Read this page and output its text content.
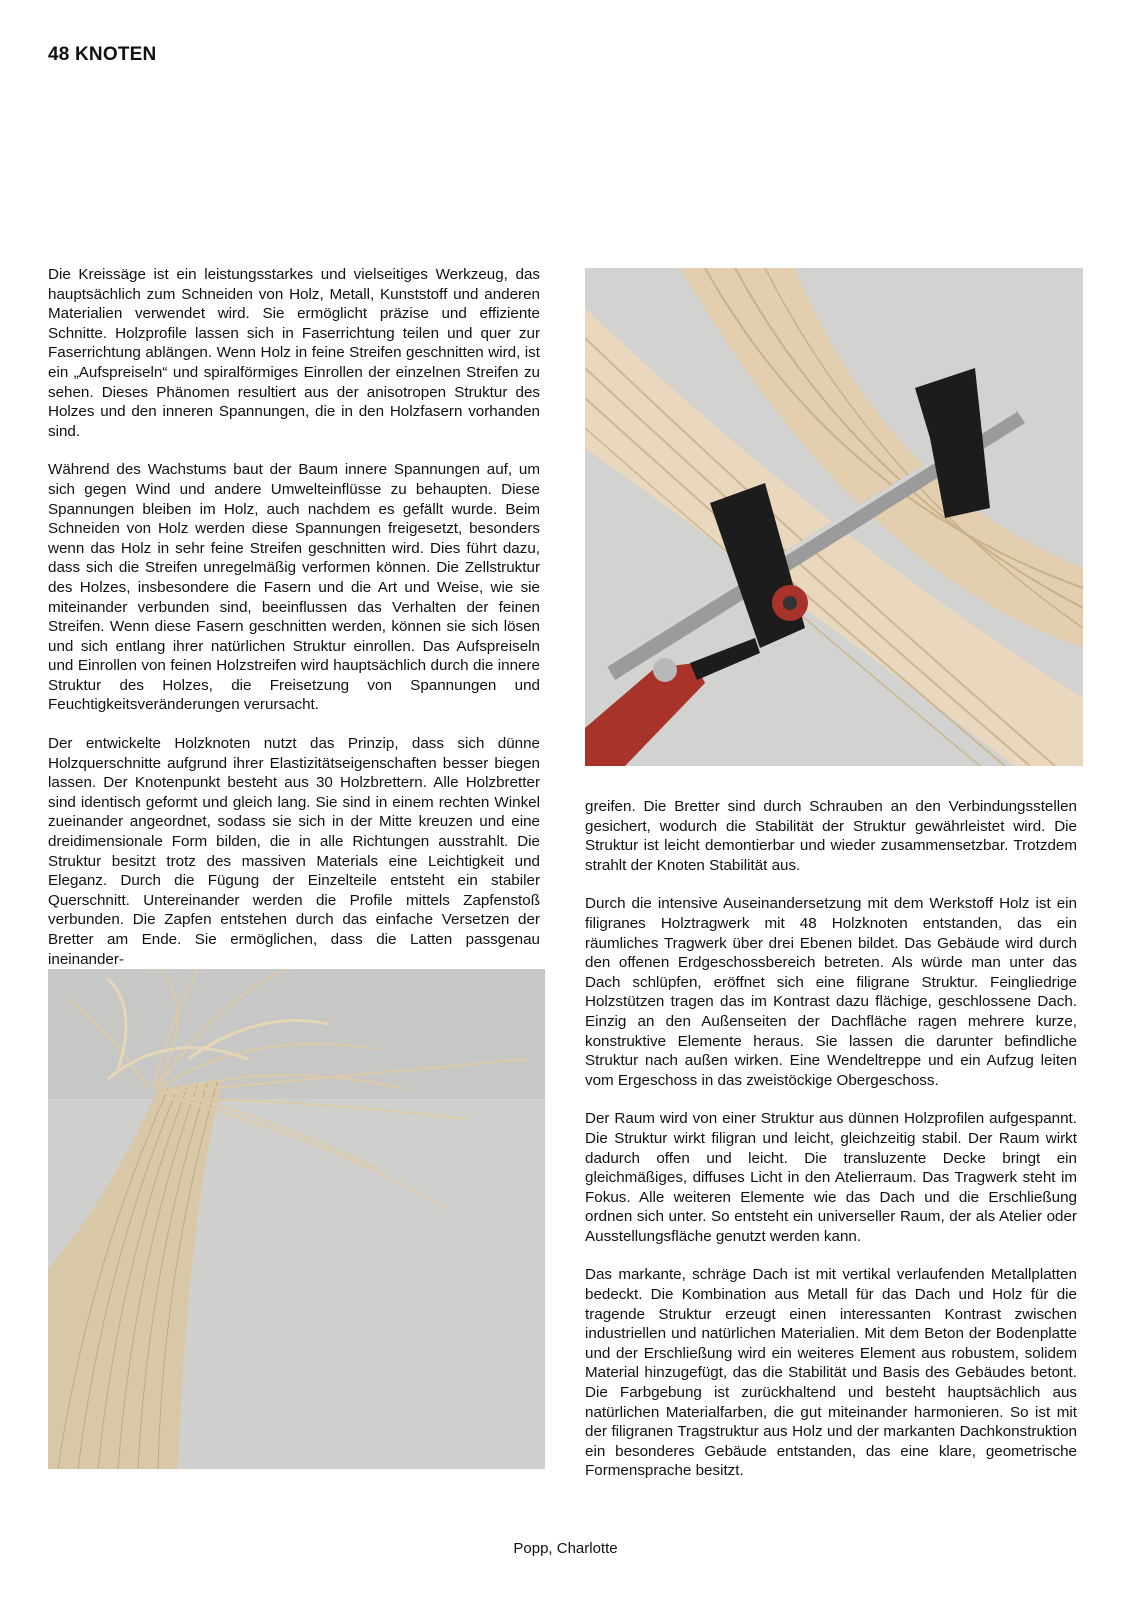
48 KNOTEN

Die Kreissäge ist ein leistungsstarkes und vielseitiges Werkzeug, das hauptsächlich zum Schneiden von Holz, Metall, Kunststoff und anderen Materialien verwendet wird. Sie ermöglicht präzise und effiziente Schnitte. Holzprofile lassen sich in Faserrichtung teilen und quer zur Faserrichtung ablängen. Wenn Holz in feine Streifen geschnitten wird, ist ein „Aufspreiseln“ und spiralförmiges Einrollen der einzelnen Streifen zu sehen. Dieses Phänomen resultiert aus der anisotropen Struktur des Holzes und den inneren Spannungen, die in den Holzfasern vorhanden sind.

Während des Wachstums baut der Baum innere Spannungen auf, um sich gegen Wind und andere Umwelteinflüsse zu behaupten. Diese Spannungen bleiben im Holz, auch nachdem es gefällt wurde. Beim Schneiden von Holz werden diese Spannungen freigesetzt, besonders wenn das Holz in sehr feine Streifen geschnitten wird. Dies führt dazu, dass sich die Streifen unregelmäßig verformen können. Die Zellstruktur des Holzes, insbesondere die Fasern und die Art und Weise, wie sie miteinander verbunden sind, beeinflussen das Verhalten der feinen Streifen. Wenn diese Fasern geschnitten werden, können sie sich lösen und sich entlang ihrer natürlichen Struktur einrollen. Das Aufspreiseln und Einrollen von feinen Holzstreifen wird hauptsächlich durch die innere Struktur des Holzes, die Freisetzung von Spannungen und Feuchtigkeitsveränderungen verursacht.

Der entwickelte Holzknoten nutzt das Prinzip, dass sich dünne Holzquerschnitte aufgrund ihrer Elastizitätseigenschaften besser biegen lassen. Der Knotenpunkt besteht aus 30 Holzbrettern. Alle Holzbretter sind identisch geformt und gleich lang. Sie sind in einem rechten Winkel zueinander angeordnet, sodass sie sich in der Mitte kreuzen und eine dreidimensionale Form bilden, die in alle Richtungen ausstrahlt. Die Struktur besitzt trotz des massiven Materials eine Leichtigkeit und Eleganz. Durch die Fügung der Einzelteile entsteht ein stabiler Querschnitt. Untereinander werden die Profile mittels Zapfenstoß verbunden. Die Zapfen entstehen durch das einfache Versetzen der Bretter am Ende. Sie ermöglichen, dass die Latten passgenau ineinander-

greifen. Die Bretter sind durch Schrauben an den Verbindungsstellen gesichert, wodurch die Stabilität der Struktur gewährleistet wird. Die Struktur ist leicht demontierbar und wieder zusammensetzbar. Trotzdem strahlt der Knoten Stabilität aus.

Durch die intensive Auseinandersetzung mit dem Werkstoff Holz ist ein filigranes Holztragwerk mit 48 Holzknoten entstanden, das ein räumliches Tragwerk über drei Ebenen bildet. Das Gebäude wird durch den offenen Erdgeschossbereich betreten. Als würde man unter das Dach schlüpfen, eröffnet sich eine filigrane Struktur. Feingliedrige Holzstützen tragen das im Kontrast dazu flächige, geschlossene Dach. Einzig an den Außenseiten der Dachfläche ragen mehrere kurze, konstruktive Elemente heraus. Sie lassen die darunter befindliche Struktur nach außen wirken. Eine Wendeltreppe und ein Aufzug leiten vom Ergeschoss in das zweistöckige Obergeschoss.

Der Raum wird von einer Struktur aus dünnen Holzprofilen aufgespannt. Die Struktur wirkt filigran und leicht, gleichzeitig stabil. Der Raum wirkt dadurch offen und leicht. Die transluzente Decke bringt ein gleichmäßiges, diffuses Licht in den Atelierraum. Das Tragwerk steht im Fokus. Alle weiteren Elemente wie das Dach und die Erschließung ordnen sich unter. So entsteht ein universeller Raum, der als Atelier oder Ausstellungsfläche genutzt werden kann.

Das markante, schräge Dach ist mit vertikal verlaufenden Metallplatten bedeckt. Die Kombination aus Metall für das Dach und Holz für die tragende Struktur erzeugt einen interessanten Kontrast zwischen industriellen und natürlichen Materialien. Mit dem Beton der Bodenplatte und der Erschließung wird ein weiteres Element aus robustem, solidem Material hinzugefügt, das die Stabilität und Basis des Gebäudes betont. Die Farbgebung ist zurückhaltend und besteht hauptsächlich aus natürlichen Materialfarben, die gut miteinander harmonieren. So ist mit der filigranen Tragstruktur aus Holz und der markanten Dachkonstruktion ein besonderes Gebäude entstanden, das eine klare, geometrische Formensprache besitzt.

Popp, Charlotte
